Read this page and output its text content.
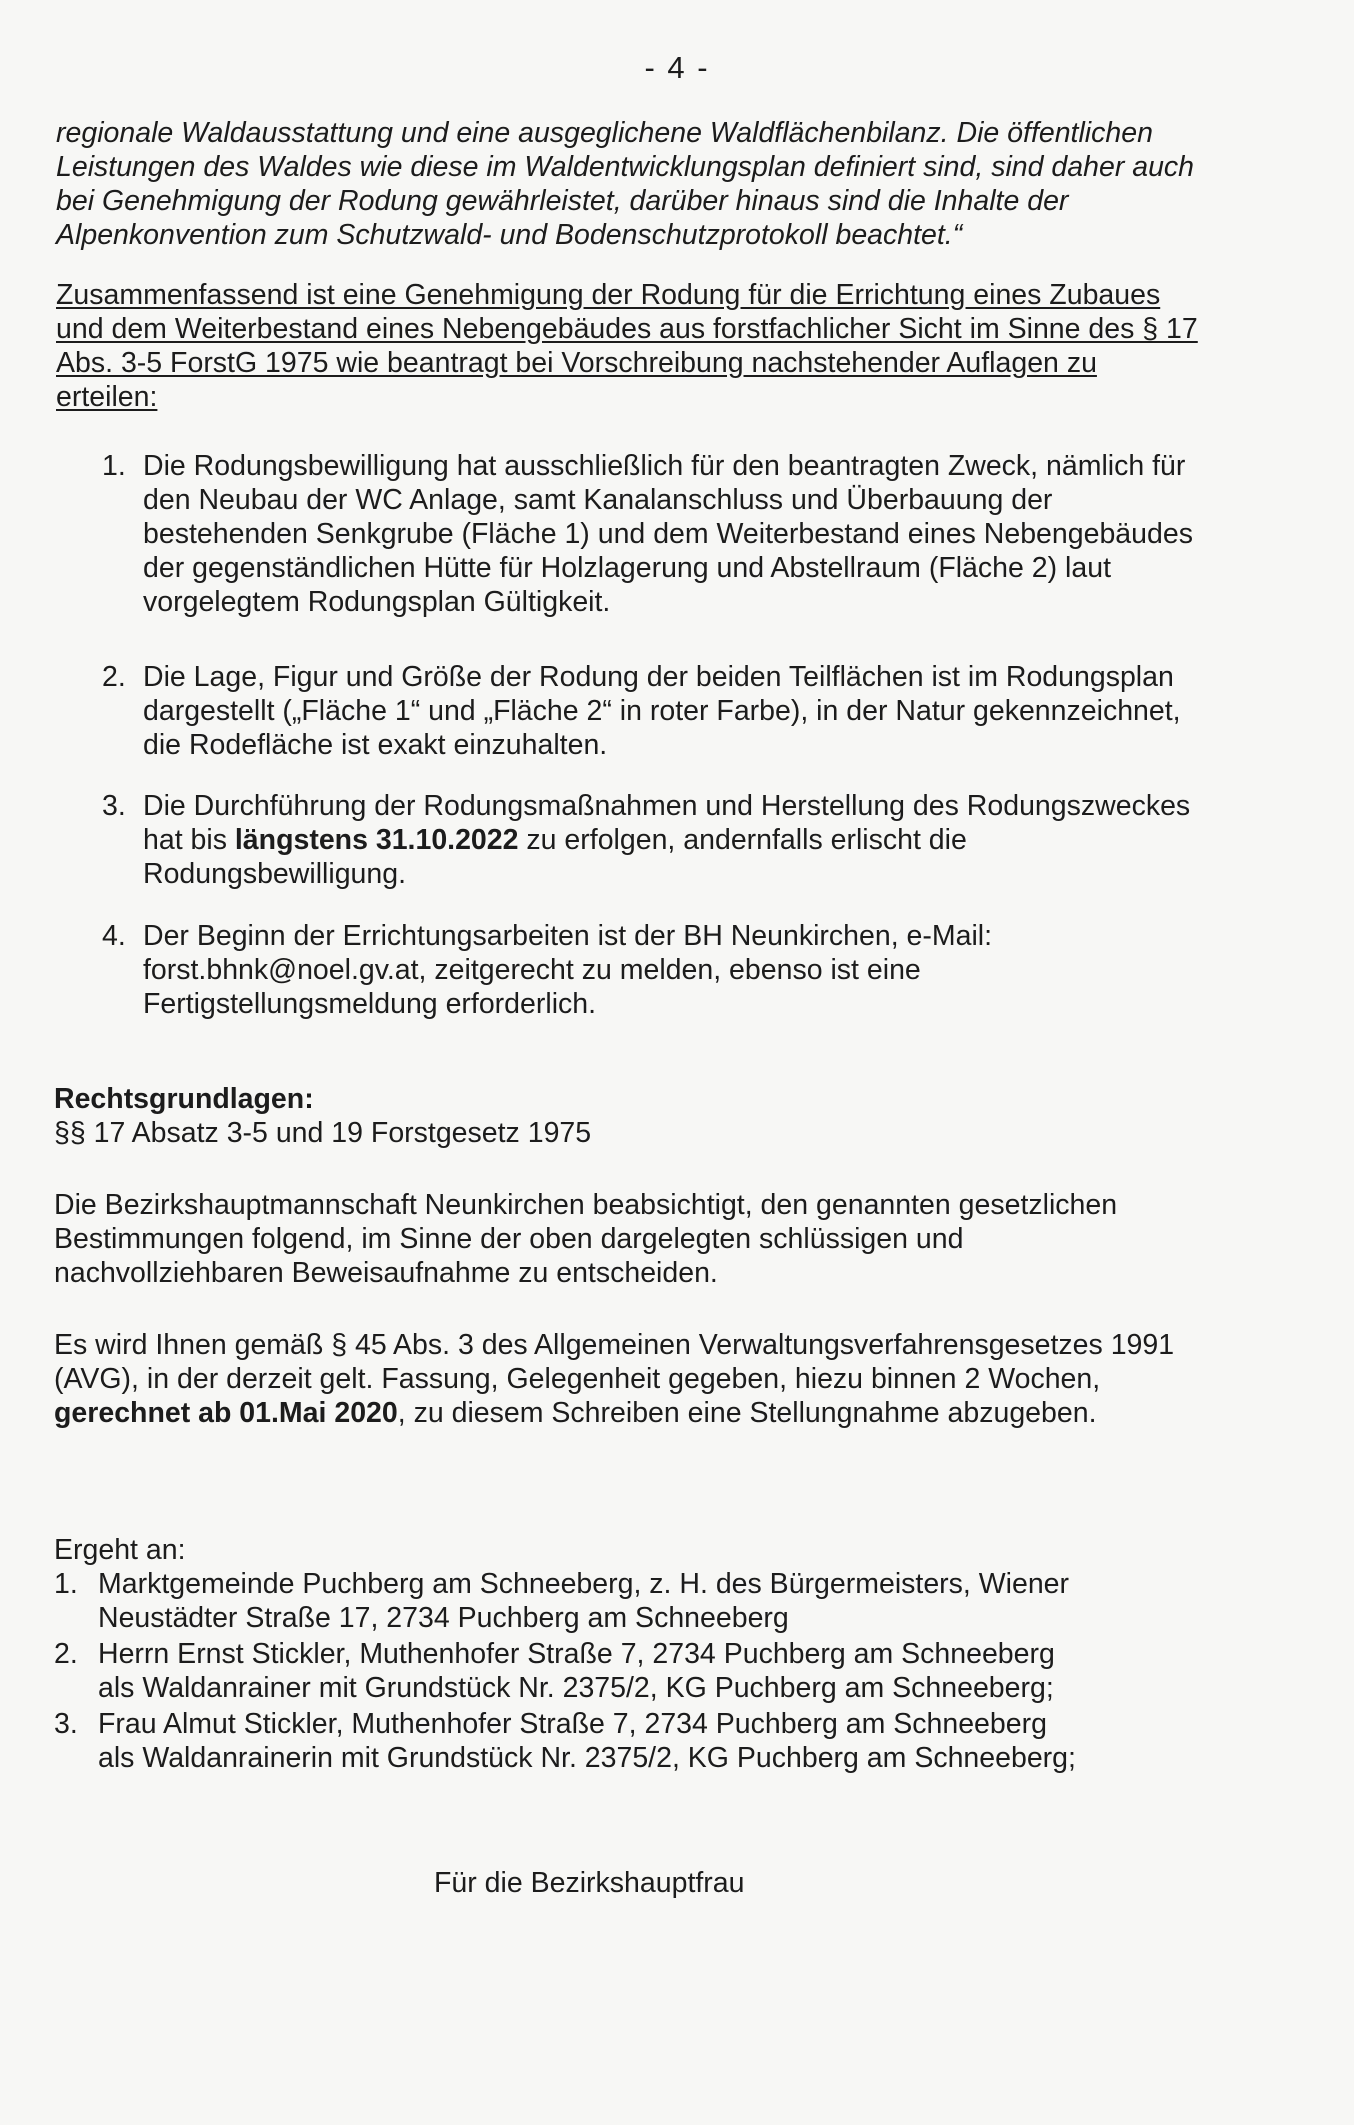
- 4 -
regionale Waldausstattung und eine ausgeglichene Waldflächenbilanz. Die öffentlichen
Leistungen des Waldes wie diese im Waldentwicklungsplan definiert sind, sind daher auch
bei Genehmigung der Rodung gewährleistet, darüber hinaus sind die Inhalte der
Alpenkonvention zum Schutzwald- und Bodenschutzprotokoll beachtet.“
Zusammenfassend ist eine Genehmigung der Rodung für die Errichtung eines Zubaues
und dem Weiterbestand eines Nebengebäudes aus forstfachlicher Sicht im Sinne des § 17
Abs. 3-5 ForstG 1975 wie beantragt bei Vorschreibung nachstehender Auflagen zu
erteilen:
1. Die Rodungsbewilligung hat ausschließlich für den beantragten Zweck, nämlich für
den Neubau der WC Anlage, samt Kanalanschluss und Überbauung der
bestehenden Senkgrube (Fläche 1) und dem Weiterbestand eines Nebengebäudes
der gegenständlichen Hütte für Holzlagerung und Abstellraum (Fläche 2) laut
vorgelegtem Rodungsplan Gültigkeit.
2. Die Lage, Figur und Größe der Rodung der beiden Teilflächen ist im Rodungsplan
dargestellt („Fläche 1“ und „Fläche 2“ in roter Farbe), in der Natur gekennzeichnet,
die Rodefläche ist exakt einzuhalten.
3. Die Durchführung der Rodungsmaßnahmen und Herstellung des Rodungszweckes
hat bis längstens 31.10.2022 zu erfolgen, andernfalls erlischt die
Rodungsbewilligung.
4. Der Beginn der Errichtungsarbeiten ist der BH Neunkirchen, e-Mail:
forst.bhnk@noel.gv.at, zeitgerecht zu melden, ebenso ist eine
Fertigstellungsmeldung erforderlich.
Rechtsgrundlagen:
§§ 17 Absatz 3-5 und 19 Forstgesetz 1975
Die Bezirkshauptmannschaft Neunkirchen beabsichtigt, den genannten gesetzlichen
Bestimmungen folgend, im Sinne der oben dargelegten schlüssigen und
nachvollziehbaren Beweisaufnahme zu entscheiden.
Es wird Ihnen gemäß § 45 Abs. 3 des Allgemeinen Verwaltungsverfahrensgesetzes 1991
(AVG), in der derzeit gelt. Fassung, Gelegenheit gegeben, hiezu binnen 2 Wochen,
gerechnet ab 01.Mai 2020, zu diesem Schreiben eine Stellungnahme abzugeben.
Ergeht an:
1. Marktgemeinde Puchberg am Schneeberg, z. H. des Bürgermeisters, Wiener
Neustädter Straße 17, 2734 Puchberg am Schneeberg
2. Herrn Ernst Stickler, Muthenhofer Straße 7, 2734 Puchberg am Schneeberg
als Waldanrainer mit Grundstück Nr. 2375/2, KG Puchberg am Schneeberg;
3. Frau Almut Stickler, Muthenhofer Straße 7, 2734 Puchberg am Schneeberg
als Waldanrainerin mit Grundstück Nr. 2375/2, KG Puchberg am Schneeberg;
Für die Bezirkshauptfrau
